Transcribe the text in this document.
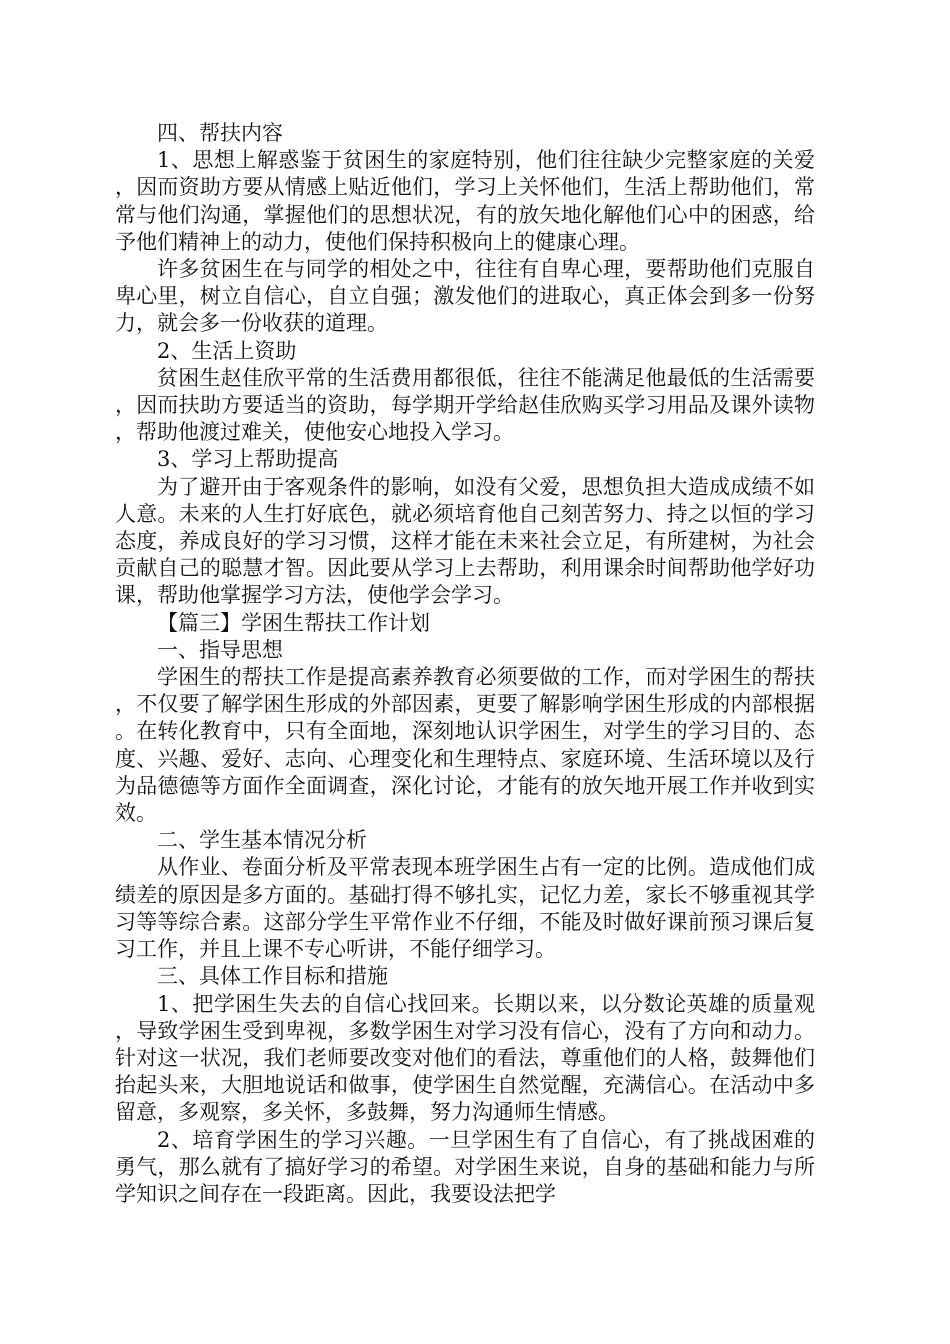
四、帮扶内容

1、思想上解惑鉴于贫困生的家庭特别，他们往往缺少完整家庭的关爱，因而资助方要从情感上贴近他们，学习上关怀他们，生活上帮助他们，常常与他们沟通，掌握他们的思想状况，有的放矢地化解他们心中的困惑，给予他们精神上的动力，使他们保持积极向上的健康心理。

许多贫困生在与同学的相处之中，往往有自卑心理，要帮助他们克服自卑心里，树立自信心，自立自强；激发他们的进取心，真正体会到多一份努力，就会多一份收获的道理。

2、生活上资助

贫困生赵佳欣平常的生活费用都很低，往往不能满足他最低的生活需要，因而扶助方要适当的资助，每学期开学给赵佳欣购买学习用品及课外读物，帮助他渡过难关，使他安心地投入学习。

3、学习上帮助提高

为了避开由于客观条件的影响，如没有父爱，思想负担大造成成绩不如人意。未来的人生打好底色，就必须培育他自己刻苦努力、持之以恒的学习态度，养成良好的学习习惯，这样才能在未来社会立足，有所建树，为社会贡献自己的聪慧才智。因此要从学习上去帮助，利用课余时间帮助他学好功课，帮助他掌握学习方法，使他学会学习。

【篇三】学困生帮扶工作计划

一、指导思想

学困生的帮扶工作是提高素养教育必须要做的工作，而对学困生的帮扶，不仅要了解学困生形成的外部因素，更要了解影响学困生形成的内部根据。在转化教育中，只有全面地，深刻地认识学困生，对学生的学习目的、态度、兴趣、爱好、志向、心理变化和生理特点、家庭环境、生活环境以及行为品德德等方面作全面调查，深化讨论，才能有的放矢地开展工作并收到实效。

二、学生基本情况分析

从作业、卷面分析及平常表现本班学困生占有一定的比例。造成他们成绩差的原因是多方面的。基础打得不够扎实，记忆力差，家长不够重视其学习等等综合素。这部分学生平常作业不仔细，不能及时做好课前预习课后复习工作，并且上课不专心听讲，不能仔细学习。

三、具体工作目标和措施

1、把学困生失去的自信心找回来。长期以来，以分数论英雄的质量观，导致学困生受到卑视，多数学困生对学习没有信心，没有了方向和动力。针对这一状况，我们老师要改变对他们的看法，尊重他们的人格，鼓舞他们抬起头来，大胆地说话和做事，使学困生自然觉醒，充满信心。在活动中多留意，多观察，多关怀，多鼓舞，努力沟通师生情感。

2、培育学困生的学习兴趣。一旦学困生有了自信心，有了挑战困难的勇气，那么就有了搞好学习的希望。对学困生来说，自身的基础和能力与所学知识之间存在一段距离。因此，我要设法把学
